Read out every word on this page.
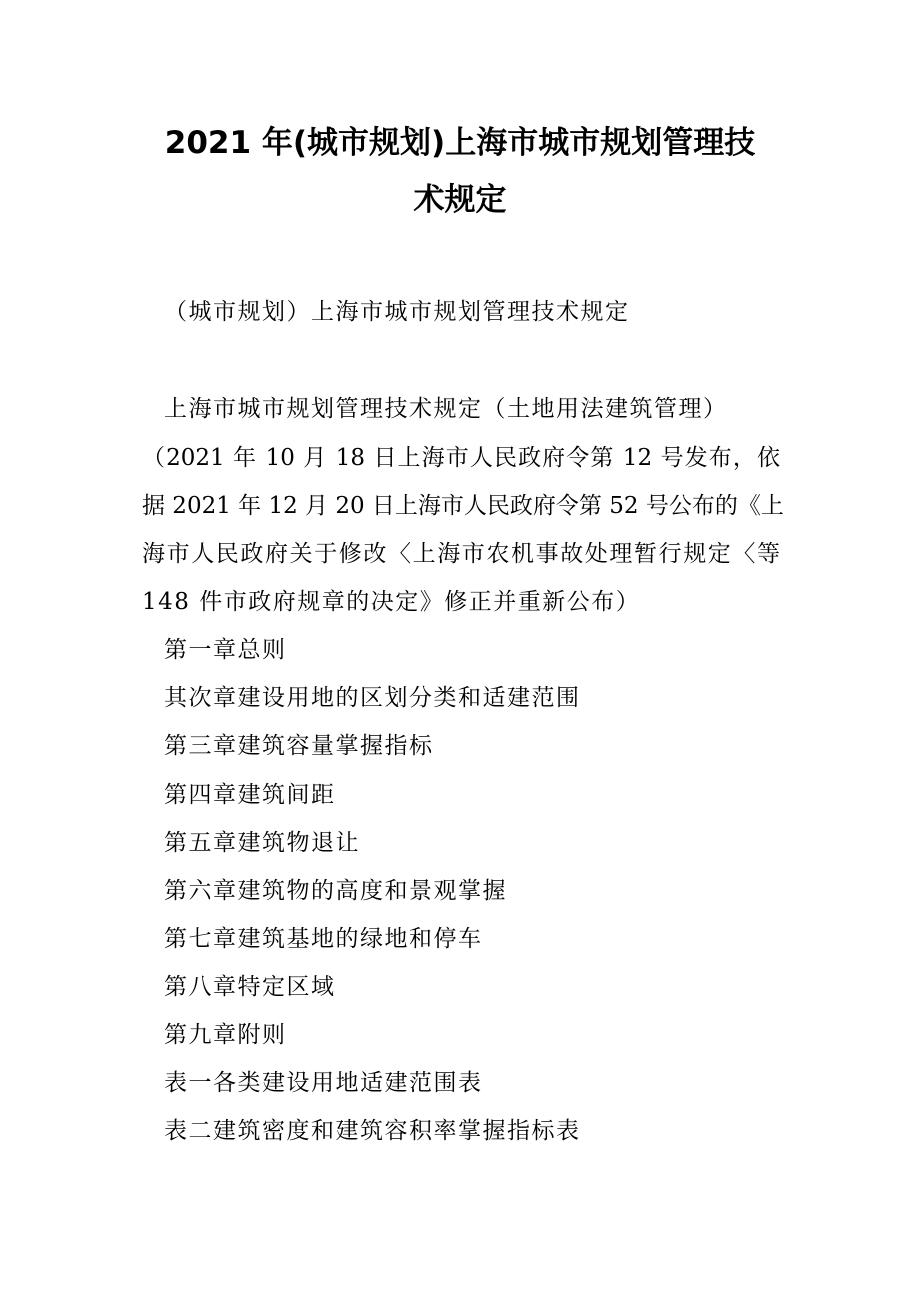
2021 年(城市规划)上海市城市规划管理技
术规定

（城市规划）上海市城市规划管理技术规定

上海市城市规划管理技术规定（土地用法建筑管理）

（2021 年 10 月 18 日上海市人民政府令第 12 号发布，依

据 2021 年 12 月 20 日上海市人民政府令第 52 号公布的《上

海市人民政府关于修改〈上海市农机事故处理暂行规定〈等

148 件市政府规章的决定》修正并重新公布）

第一章总则

其次章建设用地的区划分类和适建范围

第三章建筑容量掌握指标

第四章建筑间距

第五章建筑物退让

第六章建筑物的高度和景观掌握

第七章建筑基地的绿地和停车

第八章特定区域

第九章附则

表一各类建设用地适建范围表

表二建筑密度和建筑容积率掌握指标表
